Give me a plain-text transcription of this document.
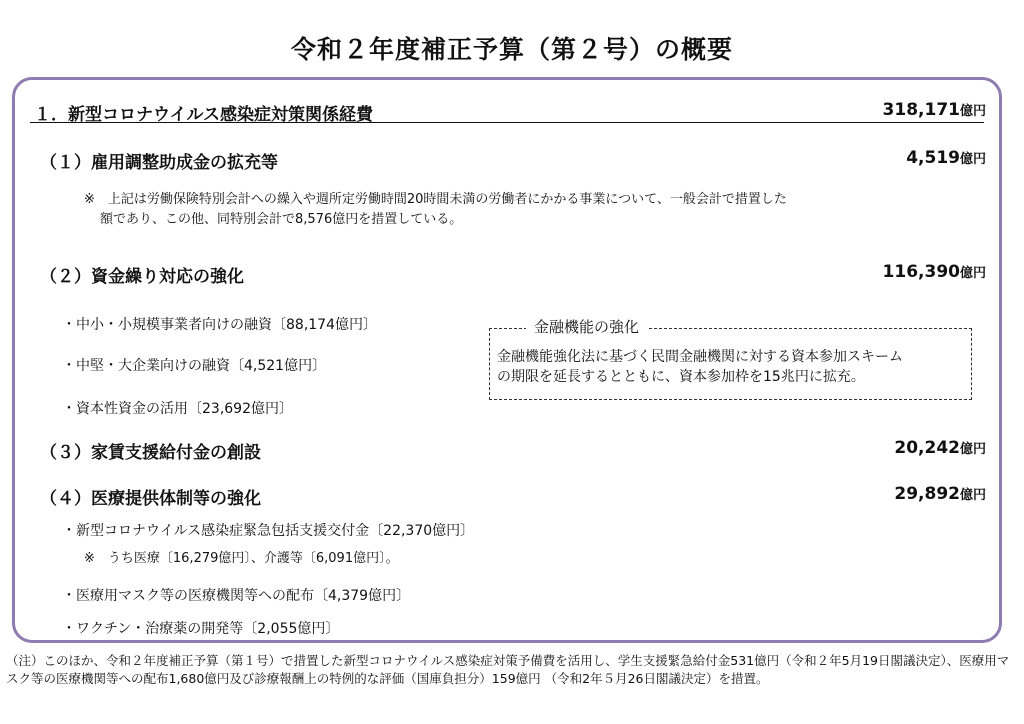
令和２年度補正予算（第２号）の概要
１．新型コロナウイルス感染症対策関係経費	318,171億円
（１）雇用調整助成金の拡充等	4,519億円
※　上記は労働保険特別会計への繰入や週所定労働時間20時間未満の労働者にかかる事業について、一般会計で措置した
額であり、この他、同特別会計で8,576億円を措置している。
（２）資金繰り対応の強化	116,390億円
・中小・小規模事業者向けの融資〔88,174億円〕
・中堅・大企業向けの融資〔4,521億円〕
・資本性資金の活用〔23,692億円〕
金融機能の強化
金融機能強化法に基づく民間金融機関に対する資本参加スキーム
の期限を延長するとともに、資本参加枠を15兆円に拡充。
（３）家賃支援給付金の創設	20,242億円
（４）医療提供体制等の強化	29,892億円
・新型コロナウイルス感染症緊急包括支援交付金〔22,370億円〕
※　うち医療〔16,279億円〕、介護等〔6,091億円〕。
・医療用マスク等の医療機関等への配布〔4,379億円〕
・ワクチン・治療薬の開発等〔2,055億円〕
（注）このほか、令和２年度補正予算（第１号）で措置した新型コロナウイルス感染症対策予備費を活用し、学生支援緊急給付金531億円（令和２年5月19日閣議決定）、医療用マスク等の医療機関等への配布1,680億円及び診療報酬上の特例的な評価（国庫負担分）159億円 （令和2年５月26日閣議決定）を措置。
